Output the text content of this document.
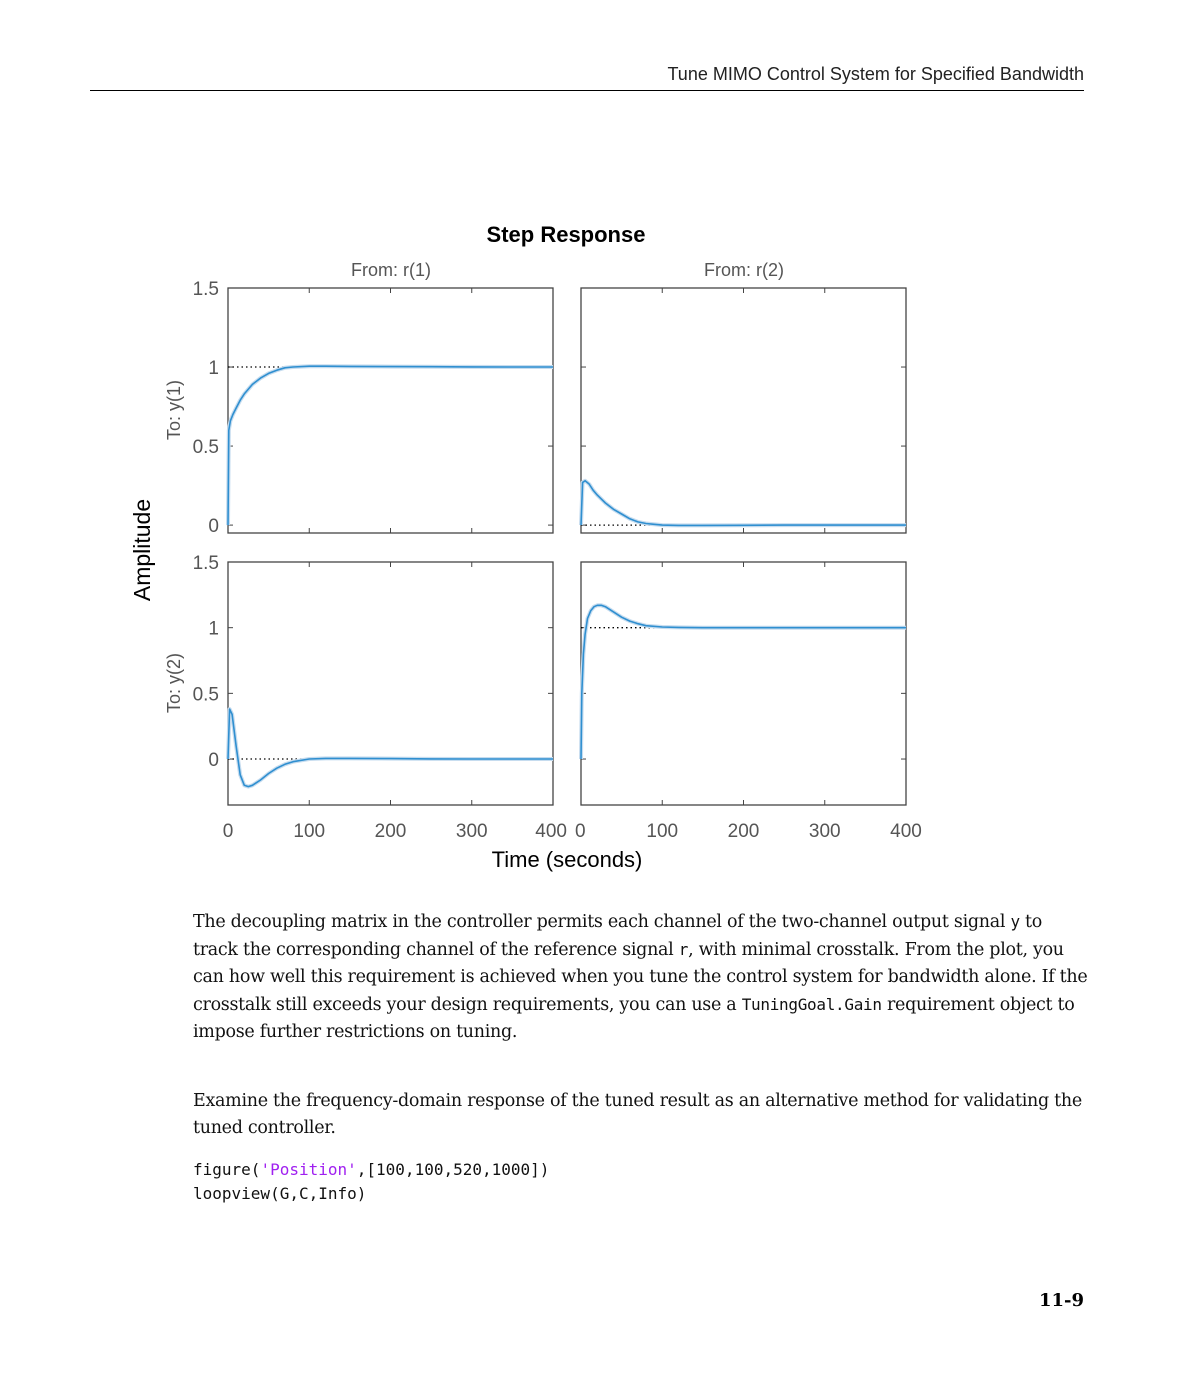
Tune MIMO Control System for Specified Bandwidth
Step Response
From: r(1)	From: r(2)
Amplitude
To: y(1)
To: y(2)
Time (seconds)
0
0.5
1
1.5
0
0.5
1
1.5
0	100	200	300	400 0	100	200	300	400
The decoupling matrix in the controller permits each channel of the two-channel output signal y to track the corresponding channel of the reference signal r, with minimal crosstalk. From the plot, you can how well this requirement is achieved when you tune the control system for bandwidth alone. If the crosstalk still exceeds your design requirements, you can use a TuningGoal.Gain requirement object to impose further restrictions on tuning.
Examine the frequency-domain response of the tuned result as an alternative method for validating the tuned controller.
figure('Position',[100,100,520,1000])
loopview(G,C,Info)
11-9
